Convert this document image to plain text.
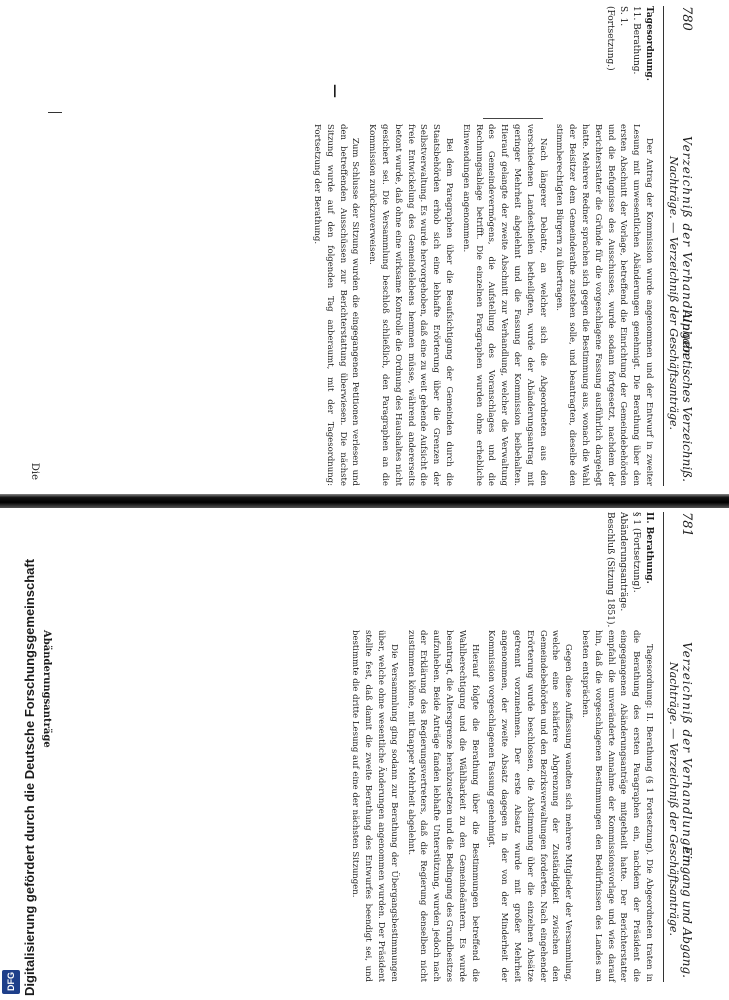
780
Verzeichniß der Verhandlungen
Nachträge. — Verzeichniß der Geschäftsanträge. Alphabetisches Verzeichniß.
Tagesordnung.
11. Berathung.
S. 1.
(Fortsetzung.)

Der Antrag der Kommission wurde angenommen und der Entwurf in zweiter Lesung mit unwesentlichen Abänderungen genehmigt. Die Berathung über den ersten Abschnitt der Vorlage, betreffend die Einrichtung der Gemeindebehörden und die Befugnisse des Ausschusses, wurde sodann fortgesetzt, nachdem der Berichterstatter die Gründe für die vorgeschlagene Fassung ausführlich dargelegt hatte. Mehrere Redner sprachen sich gegen die Bestimmung aus, wonach die Wahl der Beisitzer dem Gemeinderathe zustehen solle, und beantragten, dieselbe den stimmberechtigten Bürgern zu übertragen.

Nach längerer Debatte, an welcher sich die Abgeordneten aus den verschiedenen Landestheilen betheiligten, wurde der Abänderungsantrag mit geringer Mehrheit abgelehnt und die Fassung der Kommission beibehalten. Hierauf gelangte der zweite Abschnitt zur Verhandlung, welcher die Verwaltung des Gemeindevermögens, die Aufstellung des Voranschlages und die Rechnungsablage betrifft. Die einzelnen Paragraphen wurden ohne erhebliche Einwendungen angenommen.

Bei dem Paragraphen über die Beaufsichtigung der Gemeinden durch die Staatsbehörden erhob sich eine lebhafte Erörterung über die Grenzen der Selbstverwaltung. Es wurde hervorgehoben, daß eine zu weit gehende Aufsicht die freie Entwickelung des Gemeindelebens hemmen müsse, während andererseits betont wurde, daß ohne eine wirksame Kontrolle die Ordnung des Haushaltes nicht gesichert sei. Die Versammlung beschloß schließlich, den Paragraphen an die Kommission zurückzuverweisen.

Zum Schlusse der Sitzung wurden die eingegangenen Petitionen verlesen und den betreffenden Ausschüssen zur Berichterstattung überwiesen. Die nächste Sitzung wurde auf den folgenden Tag anberaumt, mit der Tagesordnung: Fortsetzung der Berathung.

—
Die
781
Verzeichniß der Verhandlungen
Nachträge. — Verzeichniß der Geschäftsanträge. Eingang und Abgang.
II. Berathung.
§ 1 (Fortsetzung).
Abänderungsanträge.
Beschluß (Sitzung 1851).

Tagesordnung: II. Berathung (§ 1 Fortsetzung). Die Abgeordneten traten in die Berathung des ersten Paragraphen ein, nachdem der Präsident die eingegangenen Abänderungsanträge mitgetheilt hatte. Der Berichterstatter empfahl die unveränderte Annahme der Kommissionsvorlage und wies darauf hin, daß die vorgeschlagenen Bestimmungen den Bedürfnissen des Landes am besten entsprächen.

Gegen diese Auffassung wandten sich mehrere Mitglieder der Versammlung, welche eine schärfere Abgrenzung der Zuständigkeit zwischen den Gemeindebehörden und den Bezirksverwaltungen forderten. Nach eingehender Erörterung wurde beschlossen, die Abstimmung über die einzelnen Absätze getrennt vorzunehmen. Der erste Absatz wurde mit großer Mehrheit angenommen, der zweite Absatz dagegen in der von der Minderheit der Kommission vorgeschlagenen Fassung genehmigt.

Hierauf folgte die Berathung über die Bestimmungen betreffend die Wahlberechtigung und die Wählbarkeit zu den Gemeindeämtern. Es wurde beantragt, die Altersgrenze herabzusetzen und die Bedingung des Grundbesitzes aufzuheben. Beide Anträge fanden lebhafte Unterstützung, wurden jedoch nach der Erklärung des Regierungsvertreters, daß die Regierung denselben nicht zustimmen könne, mit knapper Mehrheit abgelehnt.

Die Versammlung ging sodann zur Berathung der Übergangsbestimmungen über, welche ohne wesentliche Änderungen angenommen wurden. Der Präsident stellte fest, daß damit die zweite Berathung des Entwurfes beendigt sei, und bestimmte die dritte Lesung auf eine der nächsten Sitzungen.

Abänderungsanträge
DFG Digitalisierung gefördert durch die Deutsche Forschungsgemeinschaft
